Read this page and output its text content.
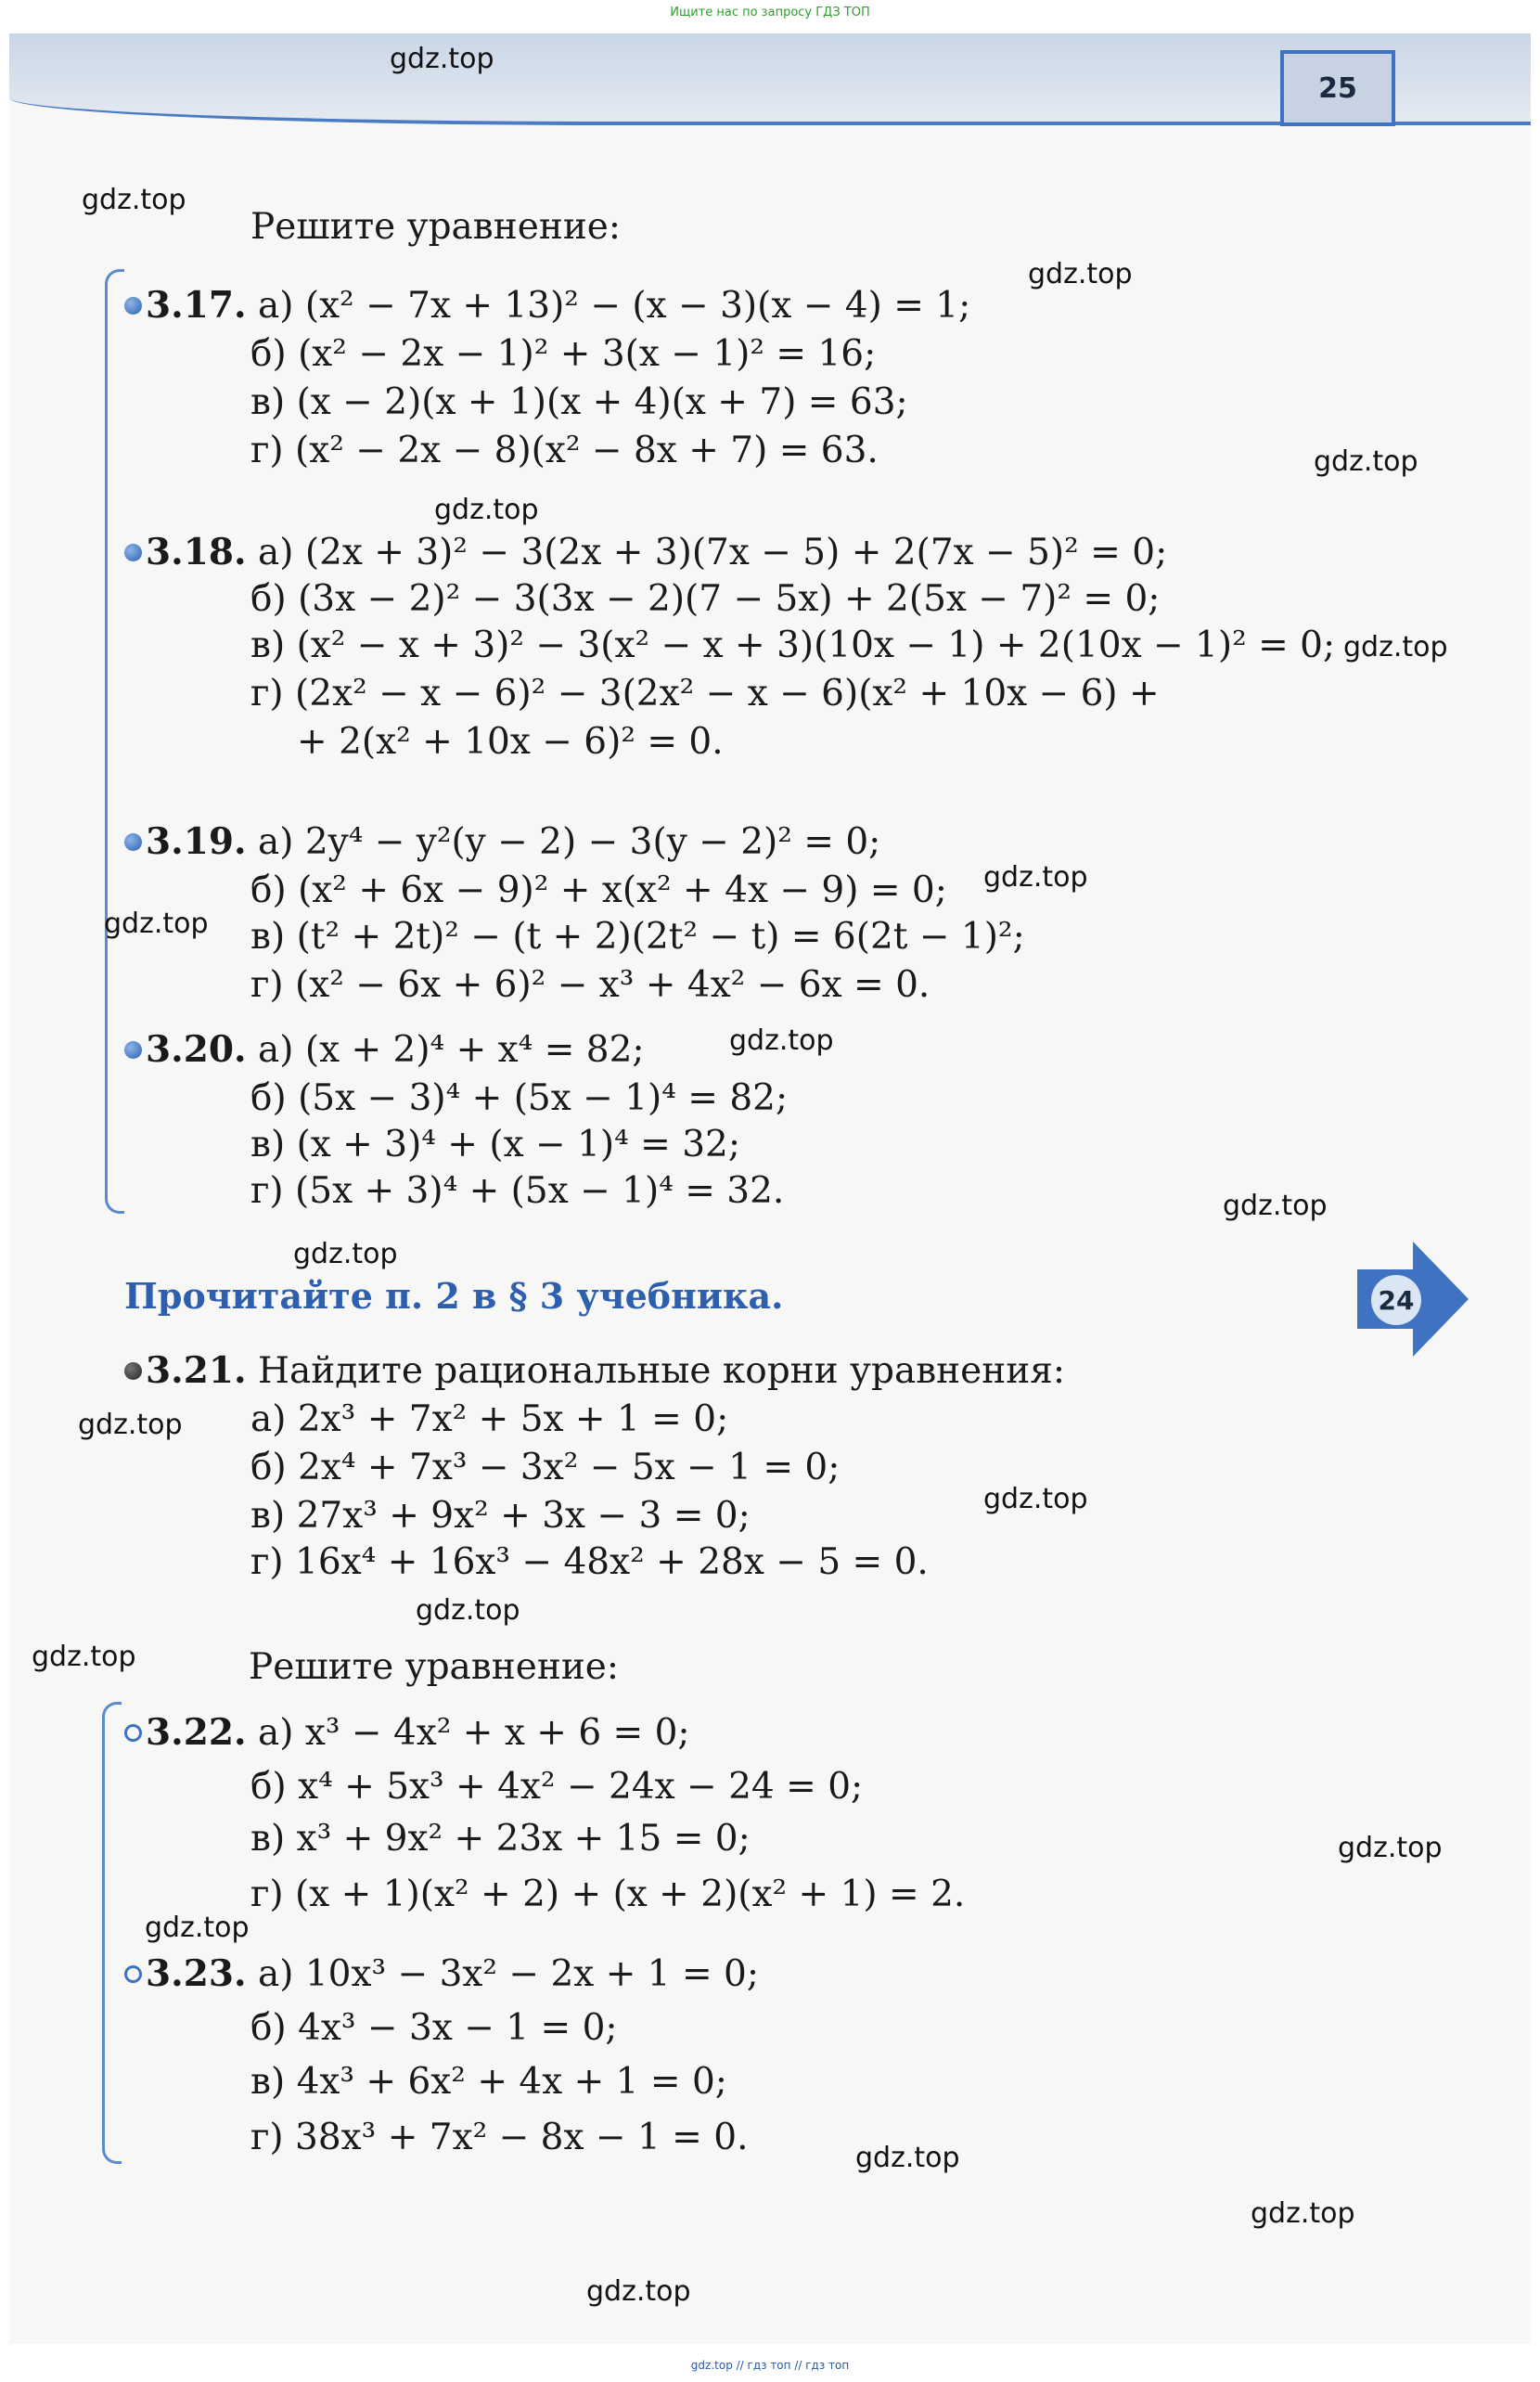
Ищите нас по запросу ГДЗ ТОП
25
24
Решите уравнение:
3.17. а) (x² − 7x + 13)² − (x − 3)(x − 4) = 1;
б) (x² − 2x − 1)² + 3(x − 1)² = 16;
в) (x − 2)(x + 1)(x + 4)(x + 7) = 63;
г) (x² − 2x − 8)(x² − 8x + 7) = 63.
3.18. а) (2x + 3)² − 3(2x + 3)(7x − 5) + 2(7x − 5)² = 0;
б) (3x − 2)² − 3(3x − 2)(7 − 5x) + 2(5x − 7)² = 0;
в) (x² − x + 3)² − 3(x² − x + 3)(10x − 1) + 2(10x − 1)² = 0;
г) (2x² − x − 6)² − 3(2x² − x − 6)(x² + 10x − 6) +
+ 2(x² + 10x − 6)² = 0.
3.19. а) 2y⁴ − y²(y − 2) − 3(y − 2)² = 0;
б) (x² + 6x − 9)² + x(x² + 4x − 9) = 0;
в) (t² + 2t)² − (t + 2)(2t² − t) = 6(2t − 1)²;
г) (x² − 6x + 6)² − x³ + 4x² − 6x = 0.
3.20. а) (x + 2)⁴ + x⁴ = 82;
б) (5x − 3)⁴ + (5x − 1)⁴ = 82;
в) (x + 3)⁴ + (x − 1)⁴ = 32;
г) (5x + 3)⁴ + (5x − 1)⁴ = 32.
Прочитайте п. 2 в § 3 учебника.
3.21. Найдите рациональные корни уравнения:
а) 2x³ + 7x² + 5x + 1 = 0;
б) 2x⁴ + 7x³ − 3x² − 5x − 1 = 0;
в) 27x³ + 9x² + 3x − 3 = 0;
г) 16x⁴ + 16x³ − 48x² + 28x − 5 = 0.
Решите уравнение:
3.22. а) x³ − 4x² + x + 6 = 0;
б) x⁴ + 5x³ + 4x² − 24x − 24 = 0;
в) x³ + 9x² + 23x + 15 = 0;
г) (x + 1)(x² + 2) + (x + 2)(x² + 1) = 2.
3.23. а) 10x³ − 3x² − 2x + 1 = 0;
б) 4x³ − 3x − 1 = 0;
в) 4x³ + 6x² + 4x + 1 = 0;
г) 38x³ + 7x² − 8x − 1 = 0.
gdz.top
gdz.top
gdz.top
gdz.top
gdz.top
gdz.top
gdz.top
gdz.top
gdz.top
gdz.top
gdz.top
gdz.top
gdz.top
gdz.top
gdz.top
gdz.top
gdz.top
gdz.top
gdz.top
gdz.top
gdz.top // гдз топ // гдз топ
